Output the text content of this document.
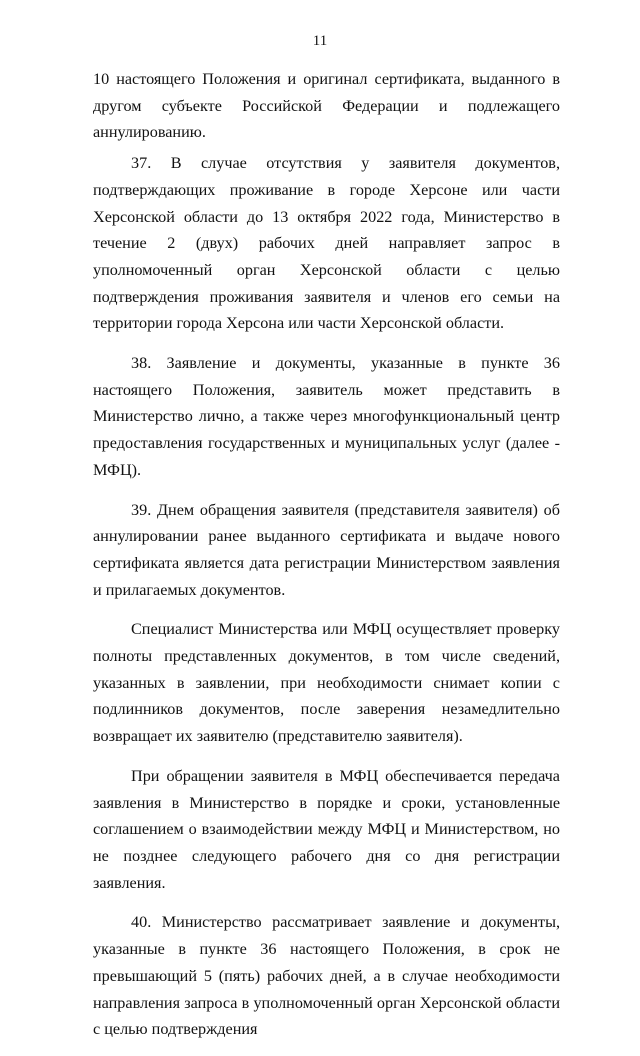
11

10 настоящего Положения и оригинал сертификата, выданного в другом субъекте Российской Федерации и подлежащего аннулированию.

37. В случае отсутствия у заявителя документов, подтверждающих проживание в городе Херсоне или части Херсонской области до 13 октября 2022 года, Министерство в течение 2 (двух) рабочих дней направляет запрос в уполномоченный орган Херсонской области с целью подтверждения проживания заявителя и членов его семьи на территории города Херсона или части Херсонской области.

38. Заявление и документы, указанные в пункте 36 настоящего Положения, заявитель может представить в Министерство лично, а также через многофункциональный центр предоставления государственных и муниципальных услуг (далее - МФЦ).

39. Днем обращения заявителя (представителя заявителя) об аннулировании ранее выданного сертификата и выдаче нового сертификата является дата регистрации Министерством заявления и прилагаемых документов.

Специалист Министерства или МФЦ осуществляет проверку полноты представленных документов, в том числе сведений, указанных в заявлении, при необходимости снимает копии с подлинников документов, после заверения незамедлительно возвращает их заявителю (представителю заявителя).

При обращении заявителя в МФЦ обеспечивается передача заявления в Министерство в порядке и сроки, установленные соглашением о взаимодействии между МФЦ и Министерством, но не позднее следующего рабочего дня со дня регистрации заявления.

40. Министерство рассматривает заявление и документы, указанные в пункте 36 настоящего Положения, в срок не превышающий 5 (пять) рабочих дней, а в случае необходимости направления запроса в уполномоченный орган Херсонской области с целью подтверждения
